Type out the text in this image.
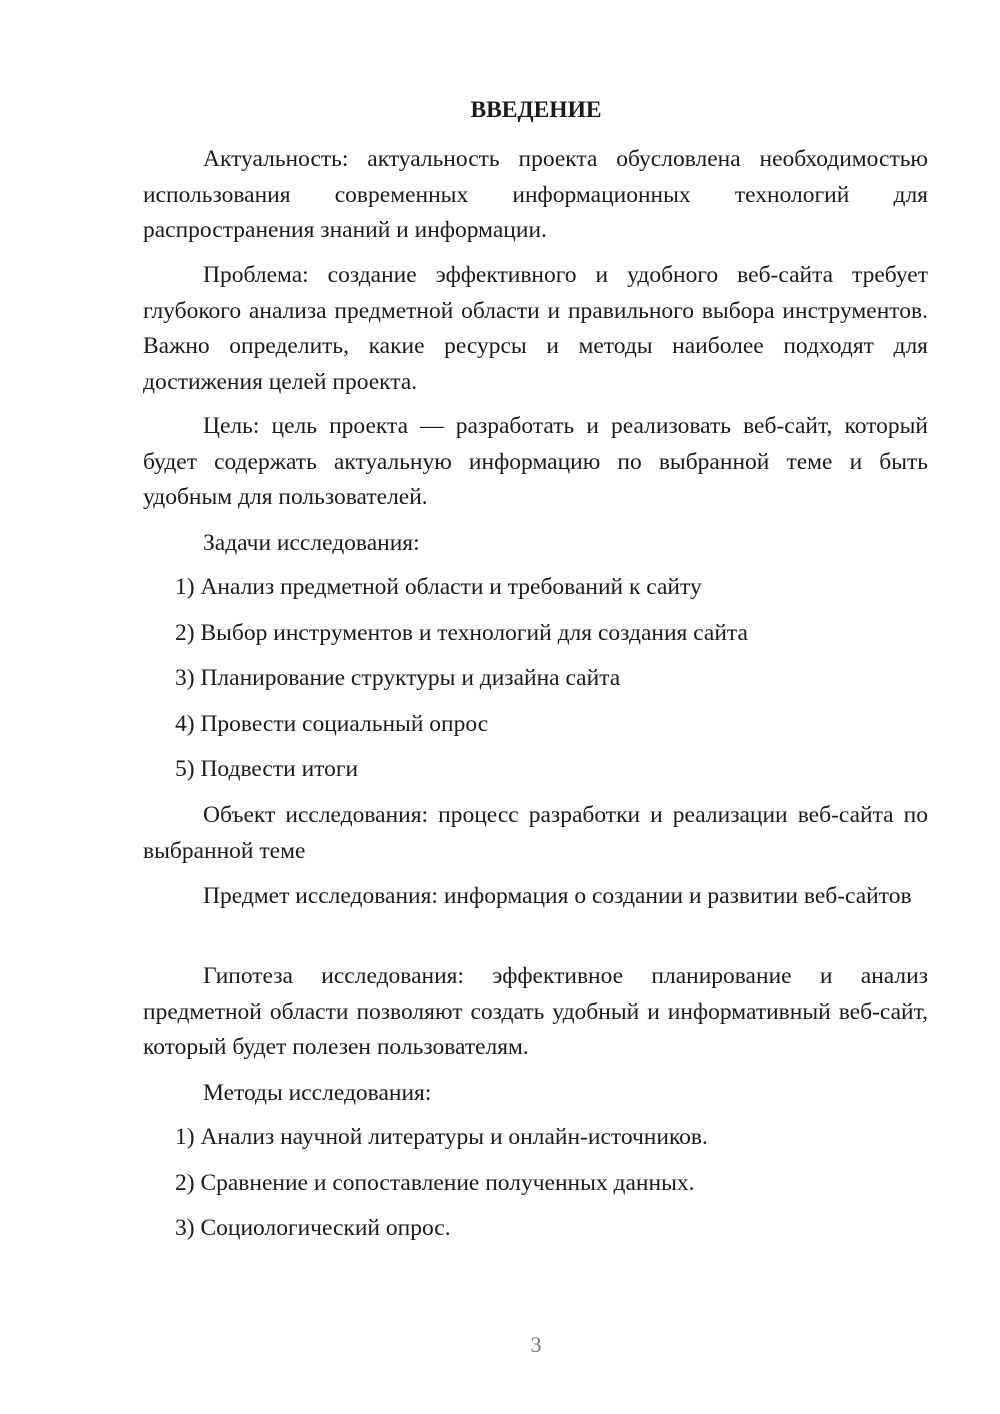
ВВЕДЕНИЕ
Актуальность: актуальность проекта обусловлена необходимостью использования современных информационных технологий для распространения знаний и информации.
Проблема: создание эффективного и удобного веб-сайта требует глубокого анализа предметной области и правильного выбора инструментов. Важно определить, какие ресурсы и методы наиболее подходят для достижения целей проекта.
Цель: цель проекта — разработать и реализовать веб-сайт, который будет содержать актуальную информацию по выбранной теме и быть удобным для пользователей.
Задачи исследования:
1) Анализ предметной области и требований к сайту
2) Выбор инструментов и технологий для создания сайта
3) Планирование структуры и дизайна сайта
4) Провести социальный опрос
5) Подвести итоги
Объект исследования: процесс разработки и реализации веб-сайта по выбранной теме
Предмет исследования: информация о создании и развитии веб-сайтов
Гипотеза исследования: эффективное планирование и анализ предметной области позволяют создать удобный и информативный веб-сайт, который будет полезен пользователям.
Методы исследования:
1) Анализ научной литературы и онлайн-источников.
2) Сравнение и сопоставление полученных данных.
3) Социологический опрос.
3
